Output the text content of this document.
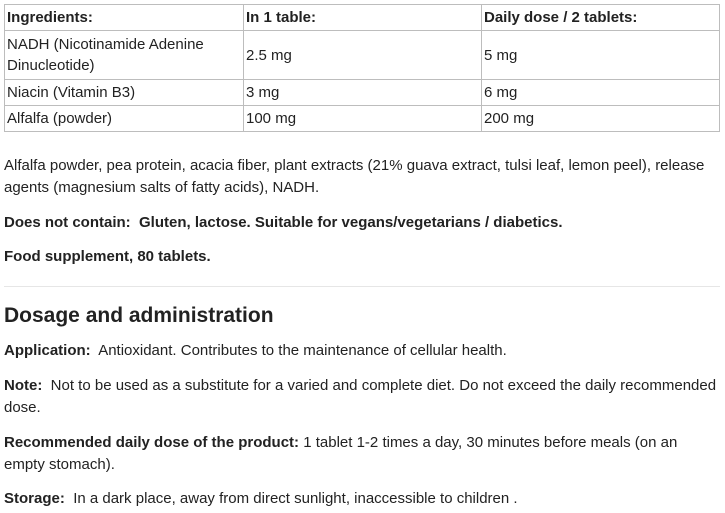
Ingredients:	In 1 table:	Daily dose / 2 tablets:
NADH (Nicotinamide Adenine Dinucleotide)	2.5 mg	5 mg
Niacin (Vitamin B3)	3 mg	6 mg
Alfalfa (powder)	100 mg	200 mg
Alfalfa powder, pea protein, acacia fiber, plant extracts (21% guava extract, tulsi leaf, lemon peel), release agents (magnesium salts of fatty acids), NADH.
Does not contain: Gluten, lactose. Suitable for vegans/vegetarians / diabetics.
Food supplement, 80 tablets.
Dosage and administration
Application: Antioxidant. Contributes to the maintenance of cellular health.
Note: Not to be used as a substitute for a varied and complete diet. Do not exceed the daily recommended dose.
Recommended daily dose of the product: 1 tablet 1-2 times a day, 30 minutes before meals (on an empty stomach).
Storage: In a dark place, away from direct sunlight, inaccessible to children .
